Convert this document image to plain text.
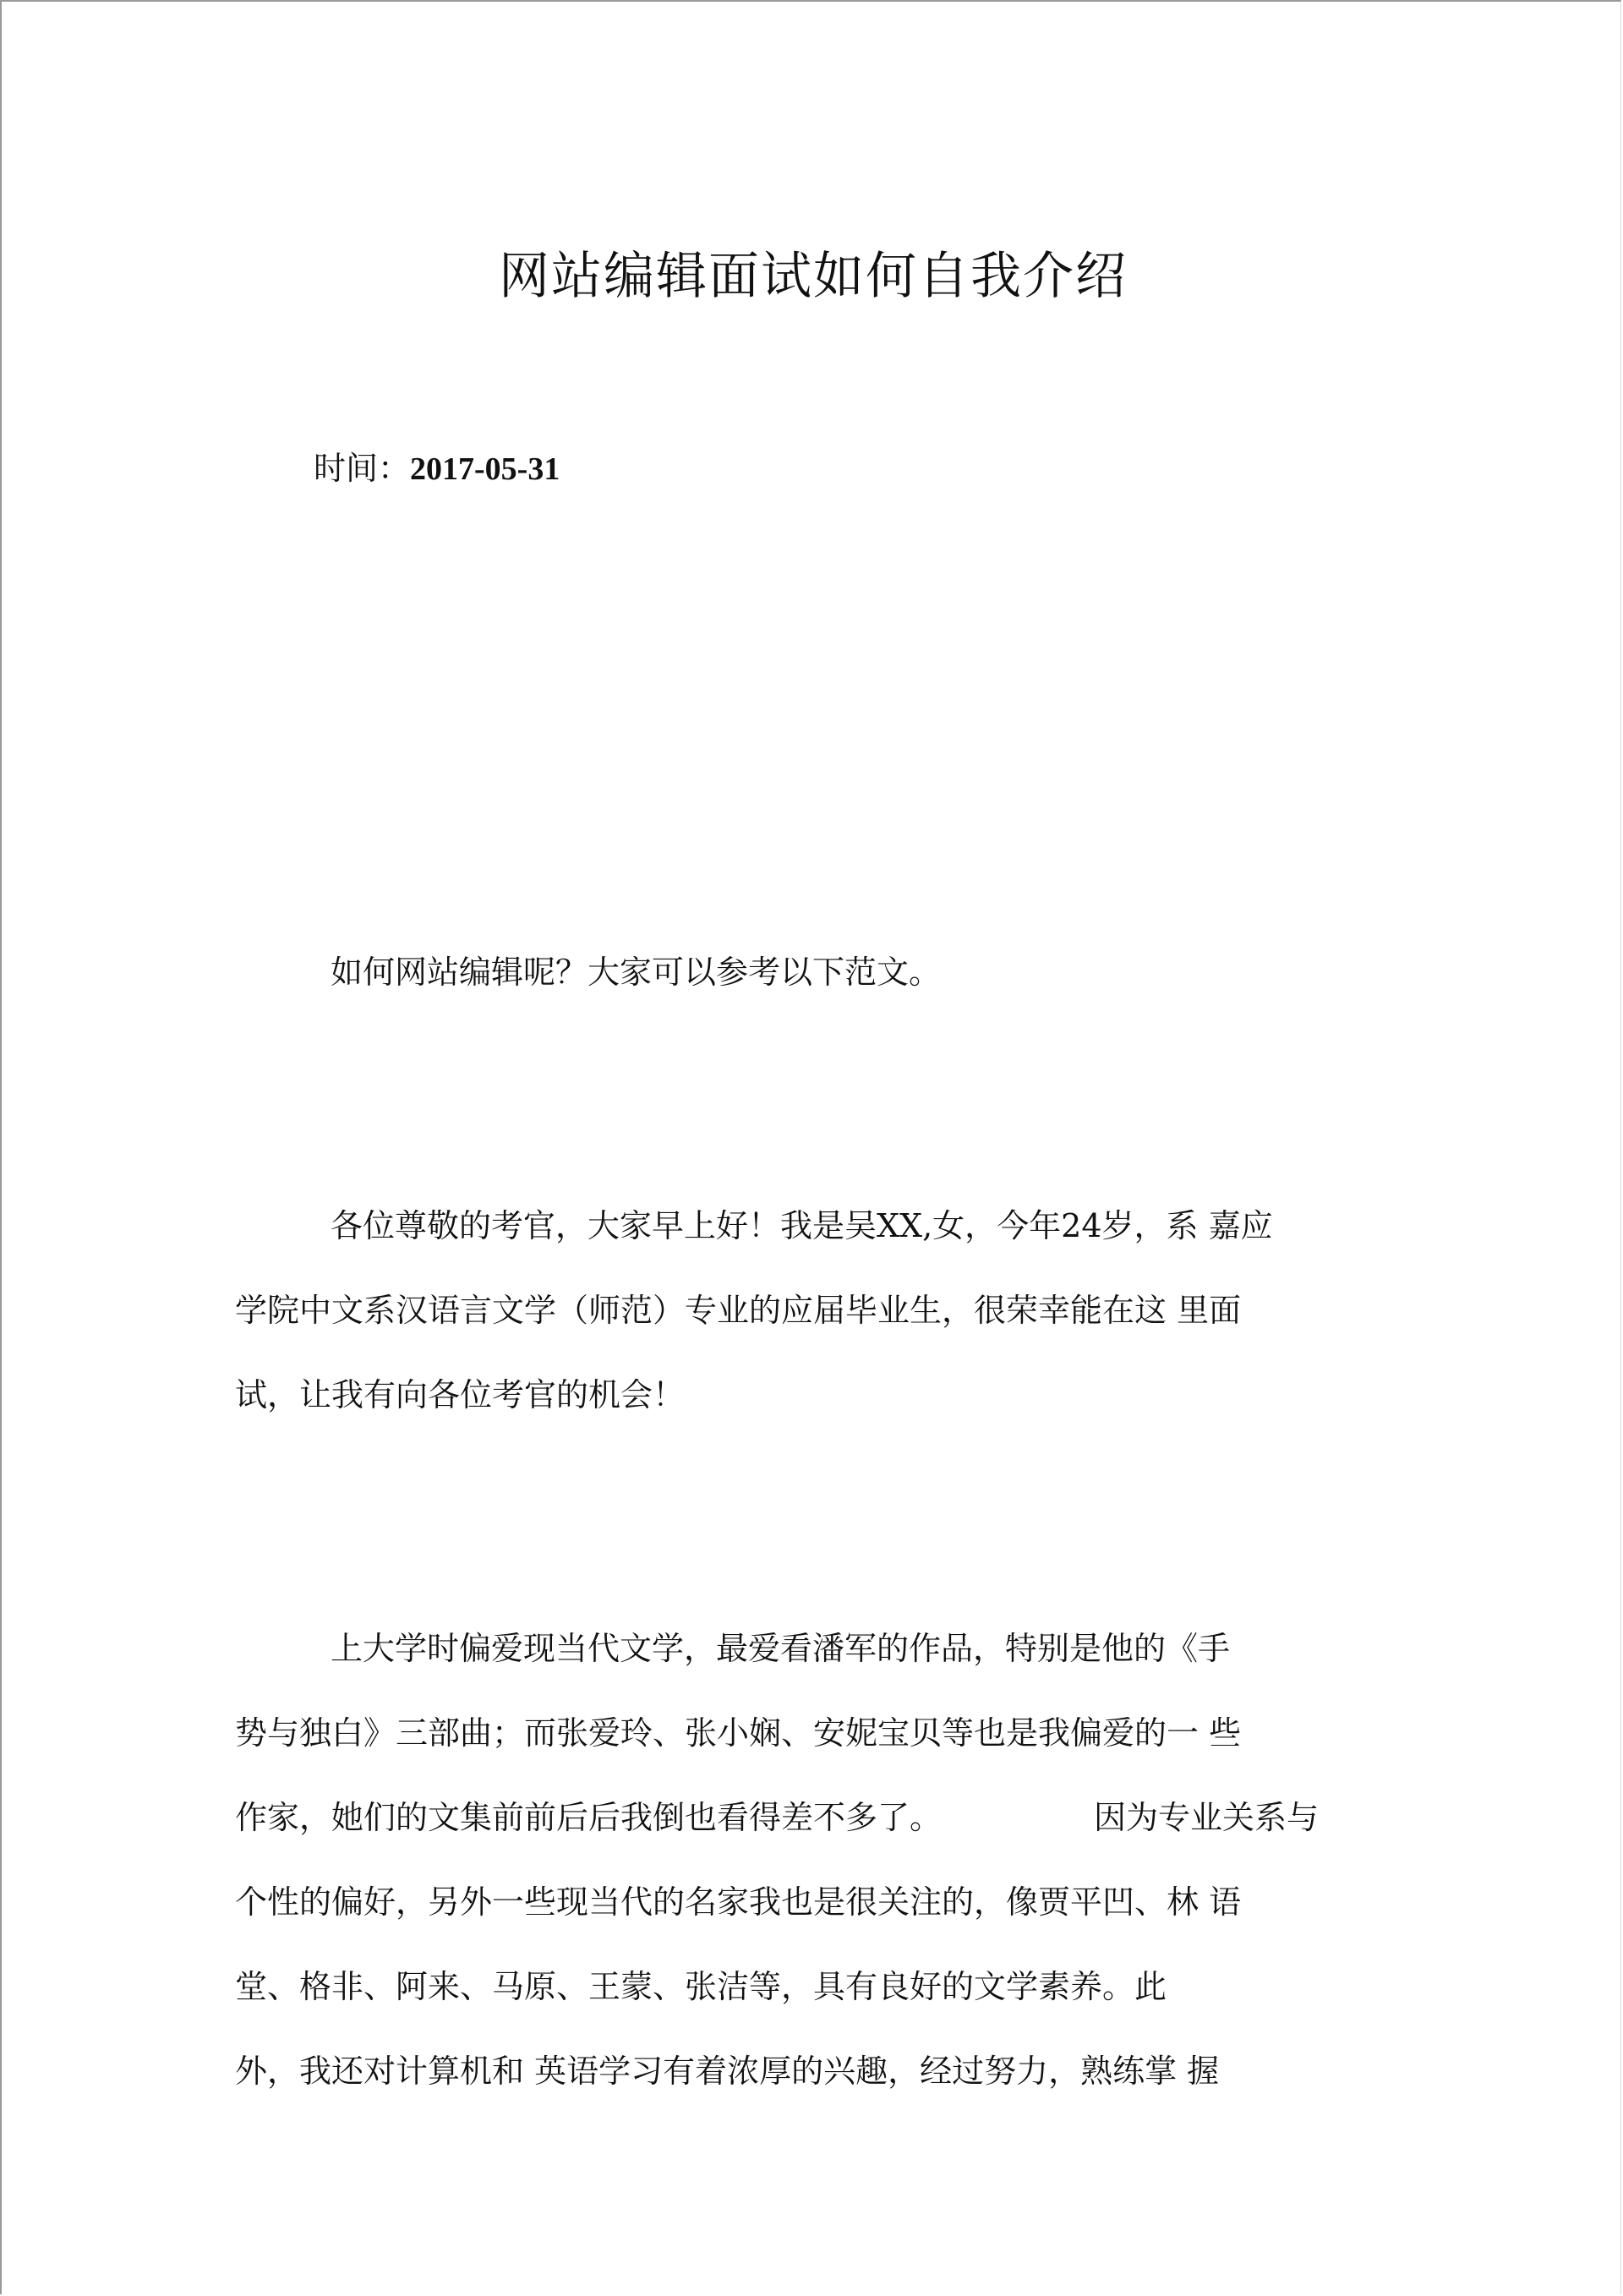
网站编辑面试如何自我介绍
时间：2017-05-31
如何网站编辑呢？大家可以参考以下范文。
各位尊敬的考官，大家早上好！我是吴XX,女，今年24岁，系 嘉应
学院中文系汉语言文学（师范）专业的应届毕业生，很荣幸能在这 里面
试，让我有向各位考官的机会！
上大学时偏爱现当代文学，最爱看潘军的作品，特别是他的《手
势与独白》三部曲；而张爱玲、张小娴、安妮宝贝等也是我偏爱的一 些
作家，她们的文集前前后后我倒也看得差不多了。	因为专业关系与
个性的偏好，另外一些现当代的名家我也是很关注的，像贾平凹、林 语
堂、格非、阿来、马原、王蒙、张洁等，具有良好的文学素养。此
外，我还对计算机和 英语学习有着浓厚的兴趣，经过努力，熟练掌 握
